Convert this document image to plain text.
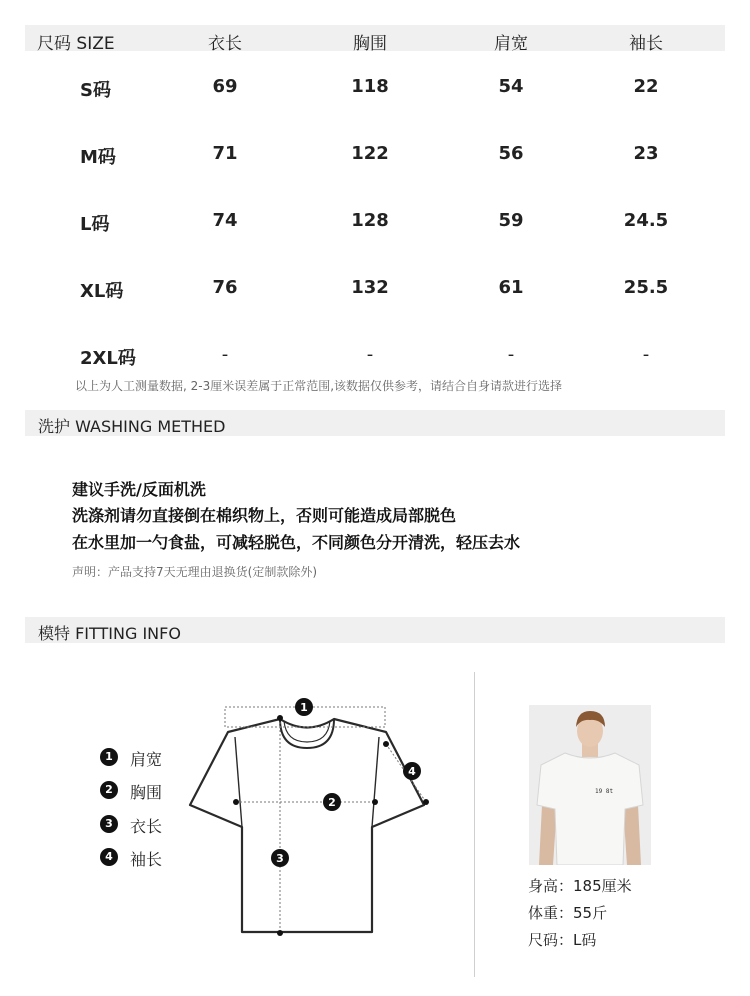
尺码 SIZE	衣长	胸围	肩宽	袖长
S码	69	118	54	22
M码	71	122	56	23
L码	74	128	59	24.5
XL码	76	132	61	25.5
2XL码	-	-	-	-
以上为人工测量数据, 2-3厘米误差属于正常范围,该数据仅供参考，请结合自身请款进行选择
洗护 WASHING METHED
建议手洗/反面机洗
洗涤剂请勿直接倒在棉织物上，否则可能造成局部脱色
在水里加一勺食盐，可减轻脱色，不同颜色分开清洗，轻压去水
声明：产品支持7天无理由退换货(定制款除外)
模特 FITTING INFO
1	肩宽
2	胸围
3	衣长
4	袖长
1
2
3
4
19 8t
身高：185厘米
体重：55斤
尺码：L码
